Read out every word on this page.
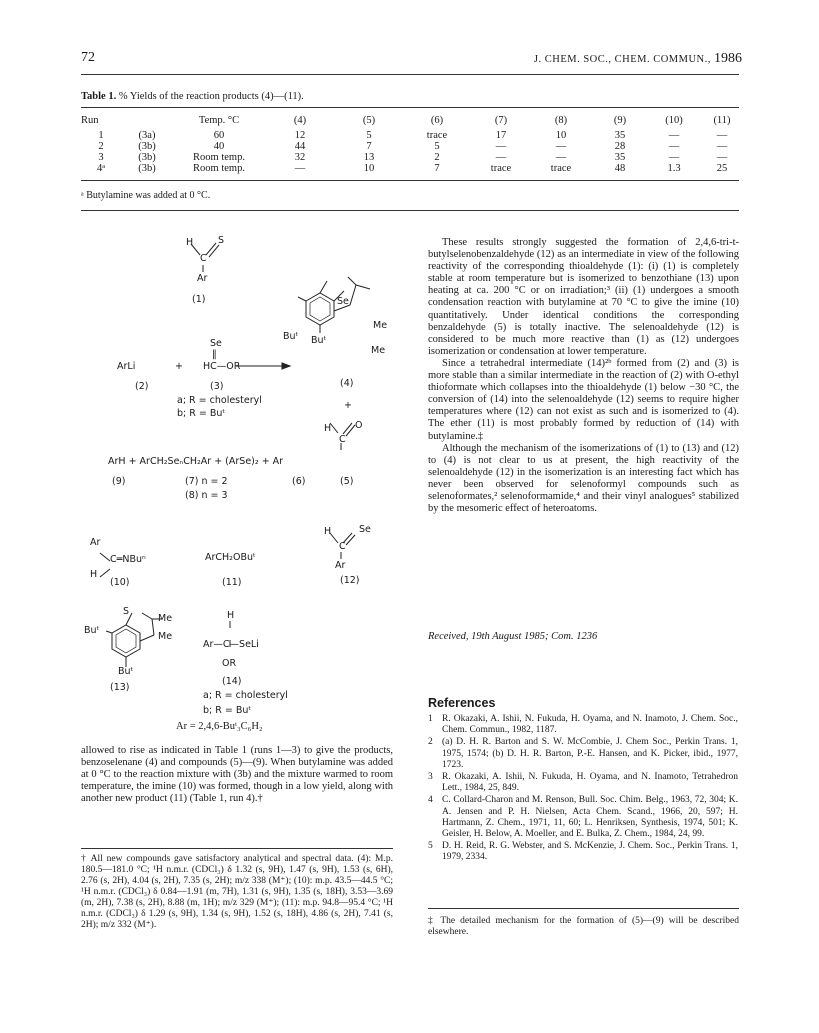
72	J. CHEM. SOC., CHEM. COMMUN., 1986
Table 1. % Yields of the reaction products (4)—(11).
Run		Temp. °C	(4)	(5)	(6)	(7)	(8)	(9)	(10)	(11)

1	(3a)	60	12	5	trace	17	10	35	—	—
2	(3b)	40	44	7	5	—	—	28	—	—
3	(3b)	Room temp.	32	13	2	—	—	35	—	—
4ᵃ	(3b)	Room temp.	—	10	7	trace	trace	48	1.3	25
ᵃ Butylamine was added at 0 °C.
H	S
C
Ar
(1)	Se
Me
Me
Buᵗ Buᵗ
(4)
ArLi	+
Se
‖
HC—OR
(2)	(3)
a; R = cholesteryl
b; R = Buᵗ
+
H	O
C
ArH + ArCH₂SeₙCH₂Ar + (ArSe)₂ + Ar
(9)	(7) n = 2	(6)	(5)
(8) n = 3
Ar
C═NBuⁿ
H
(10)
ArCH₂OBuᵗ
(11)
H	Se
C
Ar
(12)
S
Me
Me
Buᵗ
Buᵗ
(13)
H
Ar—C—SeLi
OR
(14)
a; R = cholesteryl
b; R = Buᵗ
Ar = 2,4,6-Buᵗ₃C₆H₂

allowed to rise as indicated in Table 1 (runs 1—3) to give the products, benzoselenane (4) and compounds (5)—(9). When butylamine was added at 0 °C to the reaction mixture with (3b) and the mixture warmed to room temperature, the imine (10) was formed, though in a low yield, along with another new product (11) (Table 1, run 4).†

† All new compounds gave satisfactory analytical and spectral data. (4): M.p. 180.5—181.0 °C; ¹H n.m.r. (CDCl₃) δ 1.32 (s, 9H), 1.47 (s, 9H), 1.53 (s, 6H), 2.76 (s, 2H), 4.04 (s, 2H), 7.35 (s, 2H); m/z 338 (M⁺); (10): m.p. 43.5—44.5 °C; ¹H n.m.r. (CDCl₃) δ 0.84—1.91 (m, 7H), 1.31 (s, 9H), 1.35 (s, 18H), 3.53—3.69 (m, 2H), 7.38 (s, 2H), 8.88 (m, 1H); m/z 329 (M⁺); (11): m.p. 94.8—95.4 °C; ¹H n.m.r. (CDCl₃) δ 1.29 (s, 9H), 1.34 (s, 9H), 1.52 (s, 18H), 4.86 (s, 2H), 7.41 (s, 2H); m/z 332 (M⁺).

These results strongly suggested the formation of 2,4,6-tri-t-butylselenobenzaldehyde (12) as an intermediate in view of the following reactivity of the corresponding thioaldehyde (1): (i) (1) is completely stable at room temperature but is isomerized to benzothiane (13) upon heating at ca. 200 °C or on irradiation;³ (ii) (1) undergoes a smooth condensation reaction with butylamine at 70 °C to give the imine (10) quantitatively. Under identical conditions the corresponding benzaldehyde (5) is totally inactive. The selenoaldehyde (12) is considered to be much more reactive than (1) as (12) undergoes isomerization or condensation at lower temperature.

Since a tetrahedral intermediate (14)²ᵇ formed from (2) and (3) is more stable than a similar intermediate in the reaction of (2) with O-ethyl thioformate which collapses into the thioaldehyde (1) below −30 °C, the conversion of (14) into the selenoaldehyde (12) seems to require higher temperatures where (12) can not exist as such and is isomerized to (4). The ether (11) is most probably formed by reduction of (14) with butylamine.‡

Although the mechanism of the isomerizations of (1) to (13) and (12) to (4) is not clear to us at present, the high reactivity of the selenoaldehyde (12) in the isomerization is an interesting fact which has never been observed for selenoformyl compounds such as selenoformates,² selenoformamide,⁴ and their vinyl analogues⁵ stabilized by the mesomeric effect of heteroatoms.

Received, 19th August 1985; Com. 1236
References
1 R. Okazaki, A. Ishii, N. Fukuda, H. Oyama, and N. Inamoto, J. Chem. Soc., Chem. Commun., 1982, 1187.
2 (a) D. H. R. Barton and S. W. McCombie, J. Chem Soc., Perkin Trans. 1, 1975, 1574; (b) D. H. R. Barton, P.-E. Hansen, and K. Picker, ibid., 1977, 1723.
3 R. Okazaki, A. Ishii, N. Fukuda, H. Oyama, and N. Inamoto, Tetrahedron Lett., 1984, 25, 849.
4 C. Collard-Charon and M. Renson, Bull. Soc. Chim. Belg., 1963, 72, 304; K. A. Jensen and P. H. Nielsen, Acta Chem. Scand., 1966, 20, 597; H. Hartmann, Z. Chem., 1971, 11, 60; L. Henriksen, Synthesis, 1974, 501; K. Geisler, H. Below, A. Moeller, and E. Bulka, Z. Chem., 1984, 24, 99.
5 D. H. Reid, R. G. Webster, and S. McKenzie, J. Chem. Soc., Perkin Trans. 1, 1979, 2334.
‡ The detailed mechanism for the formation of (5)—(9) will be described elsewhere.
